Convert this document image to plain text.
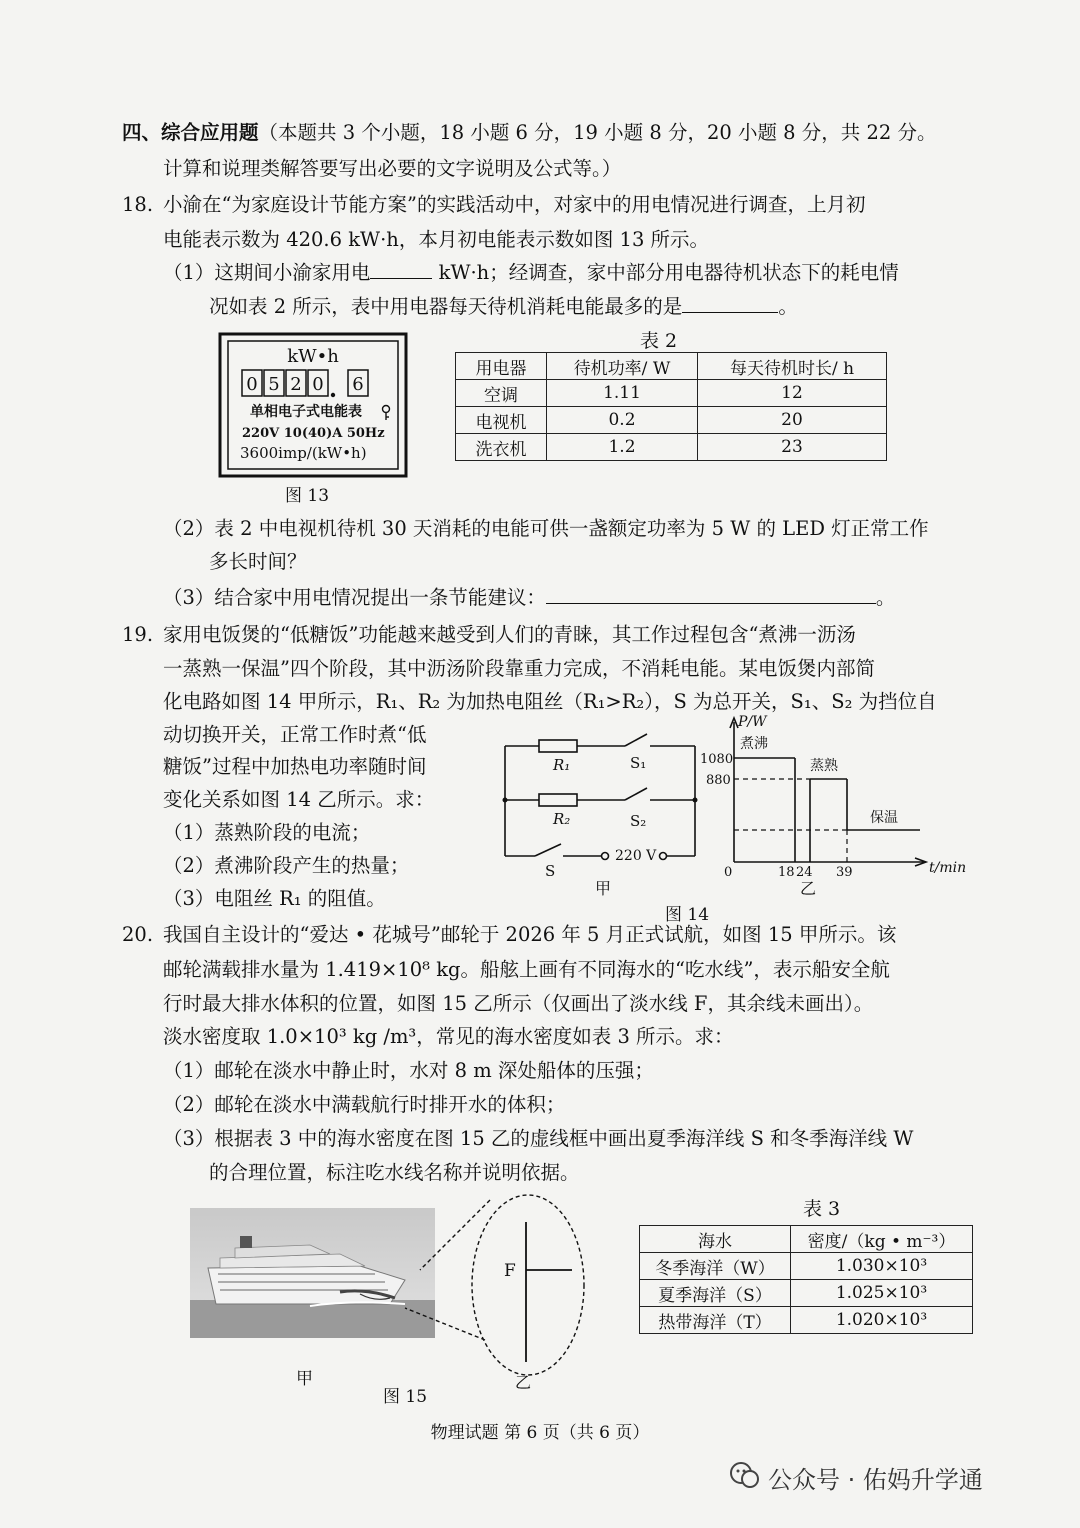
四、综合应用题（本题共 3 个小题，18 小题 6 分，19 小题 8 分，20 小题 8 分，共 22 分。
计算和说理类解答要写出必要的文字说明及公式等。）
18. 小渝在“为家庭设计节能方案”的实践活动中，对家中的用电情况进行调查，上月初
电能表示数为 420.6 kW·h，本月初电能表示数如图 13 所示。
（1）这期间小渝家用电	kW·h；经调查，家中部分用电器待机状态下的耗电情
况如表 2 所示，表中用电器每天待机消耗电能最多的是	。
kW•h
0 5 2 0 6
单相电子式电能表
220V 10(40)A 50Hz
3600imp/(kW•h)
图 13
表 2
用电器	待机功率/ W	每天待机时长/ h
空调	1.11	12
电视机	0.2	20
洗衣机	1.2	23
（2）表 2 中电视机待机 30 天消耗的电能可供一盏额定功率为 5 W 的 LED 灯正常工作
多长时间？
（3）结合家中用电情况提出一条节能建议：	。
19. 家用电饭煲的“低糖饭”功能越来越受到人们的青睐，其工作过程包含“煮沸一沥汤
一蒸熟一保温”四个阶段，其中沥汤阶段靠重力完成，不消耗电能。某电饭煲内部简
化电路如图 14 甲所示，R₁、R₂ 为加热电阻丝（R₁>R₂），S 为总开关，S₁、S₂ 为挡位自
动切换开关，正常工作时煮“低
糖饭”过程中加热电功率随时间
变化关系如图 14 乙所示。求：
（1）蒸熟阶段的电流；
（2）煮沸阶段产生的热量；
（3）电阻丝 R₁ 的阻值。
R₁
R₂
S₁
S₂
S
220 V
甲
P/W
t/min
1080
880
0	18 24 39
煮沸
蒸熟
保温
乙
图 14
20. 我国自主设计的“爱达 • 花城号”邮轮于 2026 年 5 月正式试航，如图 15 甲所示。该
邮轮满载排水量为 1.419×10⁸ kg。船舷上画有不同海水的“吃水线”，表示船安全航
行时最大排水体积的位置，如图 15 乙所示（仅画出了淡水线 F，其余线未画出）。
淡水密度取 1.0×10³ kg /m³，常见的海水密度如表 3 所示。求：
（1）邮轮在淡水中静止时，水对 8 m 深处船体的压强；
（2）邮轮在淡水中满载航行时排开水的体积；
（3）根据表 3 中的海水密度在图 15 乙的虚线框中画出夏季海洋线 S 和冬季海洋线 W
的合理位置，标注吃水线名称并说明依据。
甲
图 15
F
乙
表 3
海水	密度/（kg • m⁻³）
冬季海洋（W）	1.030×10³
夏季海洋（S）	1.025×10³
热带海洋（T）	1.020×10³
物理试题 第 6 页（共 6 页）
公众号 · 佑妈升学通
